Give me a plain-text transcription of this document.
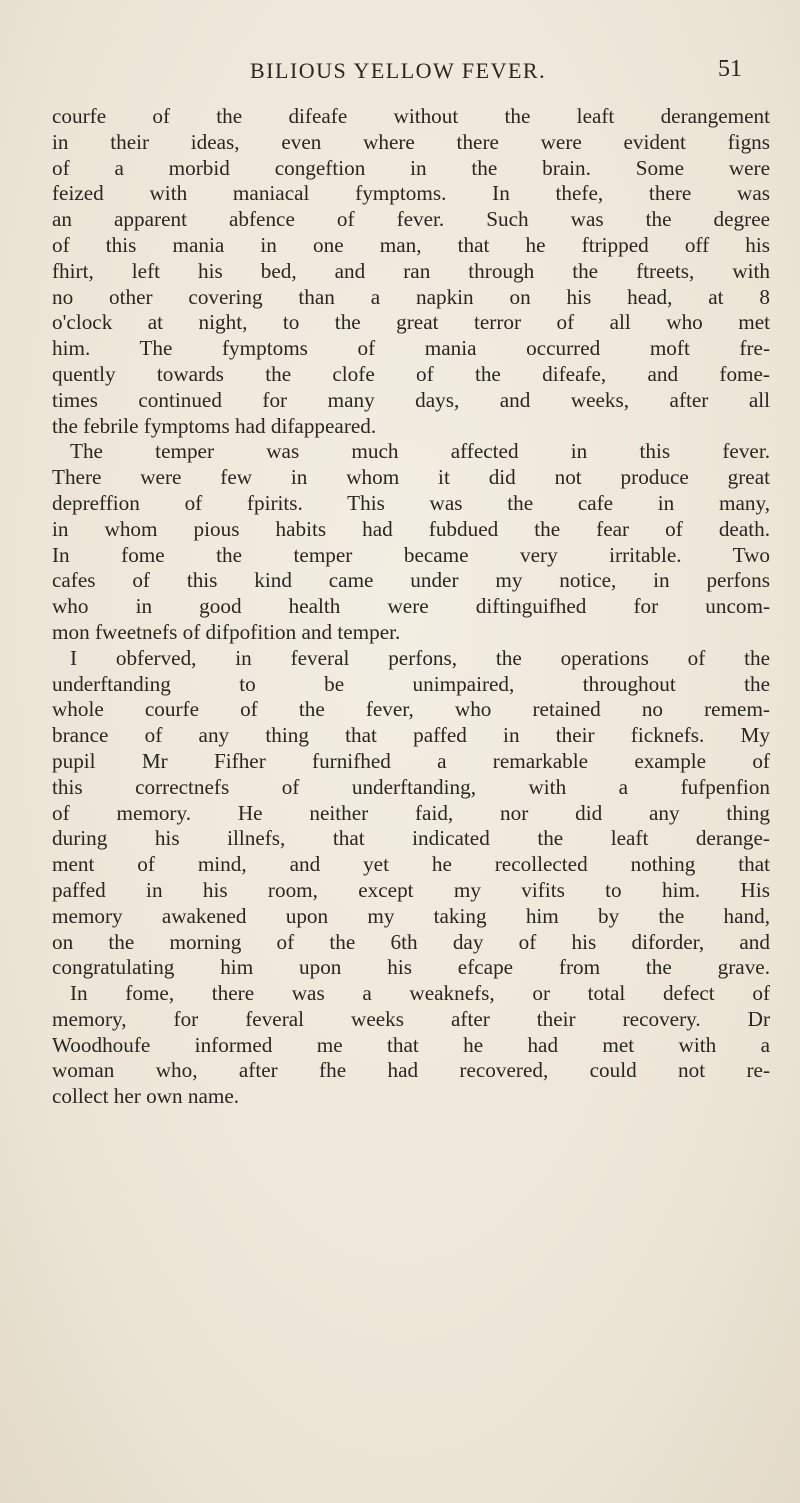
BILIOUS YELLOW FEVER.	51
courfe of the difeafe without the leaft derangement
in their ideas, even where there were evident figns
of a morbid congeftion in the brain. Some were
feized with maniacal fymptoms. In thefe, there was
an apparent abfence of fever. Such was the degree
of this mania in one man, that he ftripped off his
fhirt, left his bed, and ran through the ftreets, with
no other covering than a napkin on his head, at 8
o'clock at night, to the great terror of all who met
him. The fymptoms of mania occurred moft fre-
quently towards the clofe of the difeafe, and fome-
times continued for many days, and weeks, after all
the febrile fymptoms had difappeared.
The temper was much affected in this fever.
There were few in whom it did not produce great
depreffion of fpirits. This was the cafe in many,
in whom pious habits had fubdued the fear of death.
In fome the temper became very irritable. Two
cafes of this kind came under my notice, in perfons
who in good health were diftinguifhed for uncom-
mon fweetnefs of difpofition and temper.
I obferved, in feveral perfons, the operations of the
underftanding to be unimpaired, throughout the
whole courfe of the fever, who retained no remem-
brance of any thing that paffed in their ficknefs. My
pupil Mr Fifher furnifhed a remarkable example of
this correctnefs of underftanding, with a fufpenfion
of memory. He neither faid, nor did any thing
during his illnefs, that indicated the leaft derange-
ment of mind, and yet he recollected nothing that
paffed in his room, except my vifits to him. His
memory awakened upon my taking him by the hand,
on the morning of the 6th day of his diforder, and
congratulating him upon his efcape from the grave.
In fome, there was a weaknefs, or total defect of
memory, for feveral weeks after their recovery. Dr
Woodhoufe informed me that he had met with a
woman who, after fhe had recovered, could not re-
collect her own name.
